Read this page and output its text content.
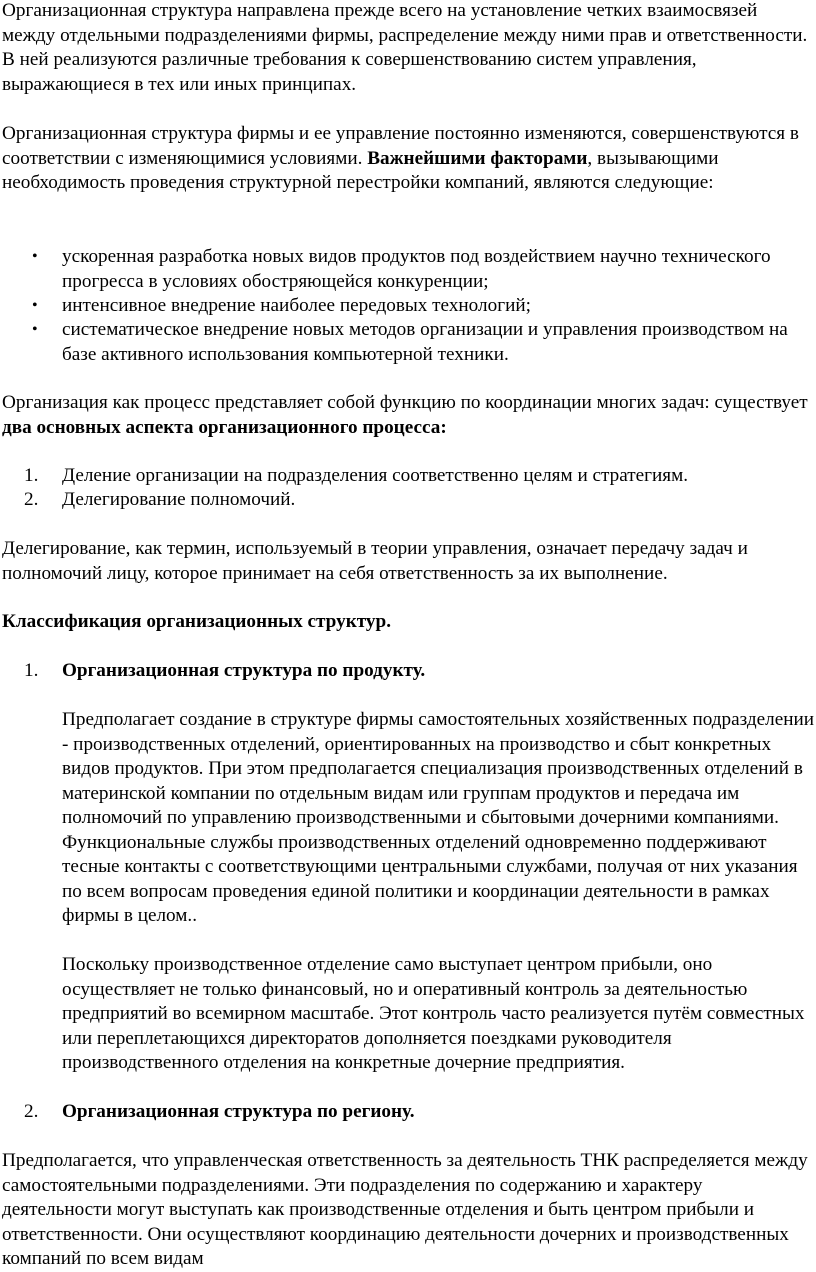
Организационная структура направлена прежде всего на установление четких взаимосвязей между отдельными подразделениями фирмы, распределение между ними прав и ответственности. В ней реализуются различные требования к совершенствованию систем управления, выражающиеся в тех или иных принципах.

Организационная структура фирмы и ее управление постоянно изменяются, совершенствуются в соответствии с изменяющимися условиями. Важнейшими факторами, вызывающими необходимость проведения структурной перестройки компаний, являются следующие:

•	ускоренная разработка новых видов продуктов под воздействием научно технического прогресса в условиях обостряющейся конкуренции;
•	интенсивное внедрение наиболее передовых технологий;
•	систематическое внедрение новых методов организации и управления производством на базе активного использования компьютерной техники.

Организация как процесс представляет собой функцию по координации многих задач: существует два основных аспекта организационного процесса:

1.	Деление организации на подразделения соответственно целям и стратегиям.
2.	Делегирование полномочий.

Делегирование, как термин, используемый в теории управления, означает передачу задач и полномочий лицу, которое принимает на себя ответственность за их выполнение.

Классификация организационных структур.

1.	Организационная структура по продукту.

Предполагает создание в структуре фирмы самостоятельных хозяйственных подразделении - производственных отделений, ориентированных на производство и сбыт конкретных видов продуктов. При этом предполагается специализация производственных отделений в материнской компании по отдельным видам или группам продуктов и передача им полномочий по управлению производственными и сбытовыми дочерними компаниями. Функциональные службы производственных отделений одновременно поддерживают тесные контакты с соответствующими центральными службами, получая от них указания по всем вопросам проведения единой политики и координации деятельности в рамках фирмы в целом..

Поскольку производственное отделение само выступает центром прибыли, оно осуществляет не только финансовый, но и оперативный контроль за деятельностью предприятий во всемирном масштабе. Этот контроль часто реализуется путём совместных или переплетающихся директоратов дополняется поездками руководителя производственного отделения на конкретные дочерние предприятия.

2.	Организационная структура по региону.

Предполагается, что управленческая ответственность за деятельность ТНК распределяется между самостоятельными подразделениями. Эти подразделения по содержанию и характеру деятельности могут выступать как производственные отделения и быть центром прибыли и ответственности. Они осуществляют координацию деятельности дочерних и производственных компаний по всем видам
